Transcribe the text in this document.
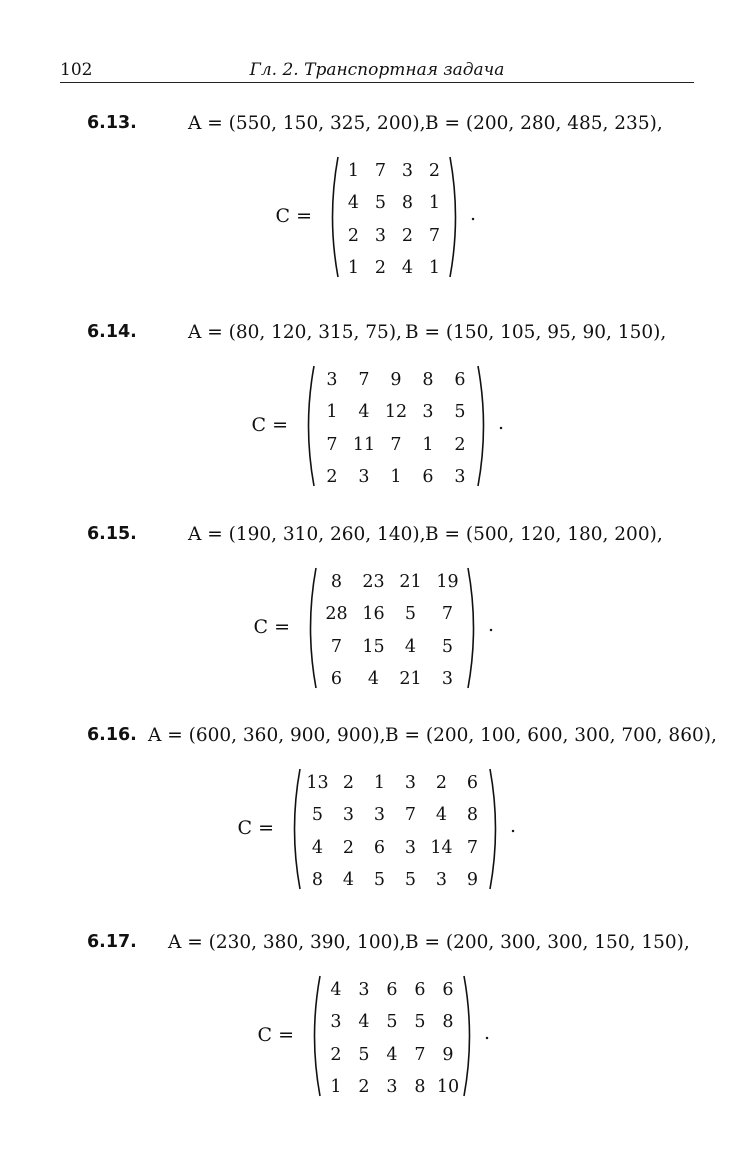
102	Гл. 2. Транспортная задача
6.13.	A = (550, 150, 325, 200), B = (200, 280, 485, 235),
C =
1 7 3 2
4 5 8 1
2 3 2 7
1 2 4 1
.
6.14.	A = (80, 120, 315, 75), B = (150, 105, 95, 90, 150),
C =
3	7	9	8	6
1	4 12 3	5
7 11 7	1	2
2	3	1	6	3
.
6.15.	A = (190, 310, 260, 140), B = (500, 120, 180, 200),
C =
8	23 21 19
28 16	5	7
7	15	4	5
6	4	21	3
.
6.16. A = (600, 360, 900, 900), B = (200, 100, 600, 300, 700, 860),
C =
13 2	1	3	2	6
5	3	3	7	4	8
4	2	6	3 14 7
8	4	5	5	3	9
.
6.17. A = (230, 380, 390, 100), B = (200, 300, 300, 150, 150),
C =
4 3 6 6 6
3 4 5 5 8
2 5 4 7 9
1 2 3 8 10
.
